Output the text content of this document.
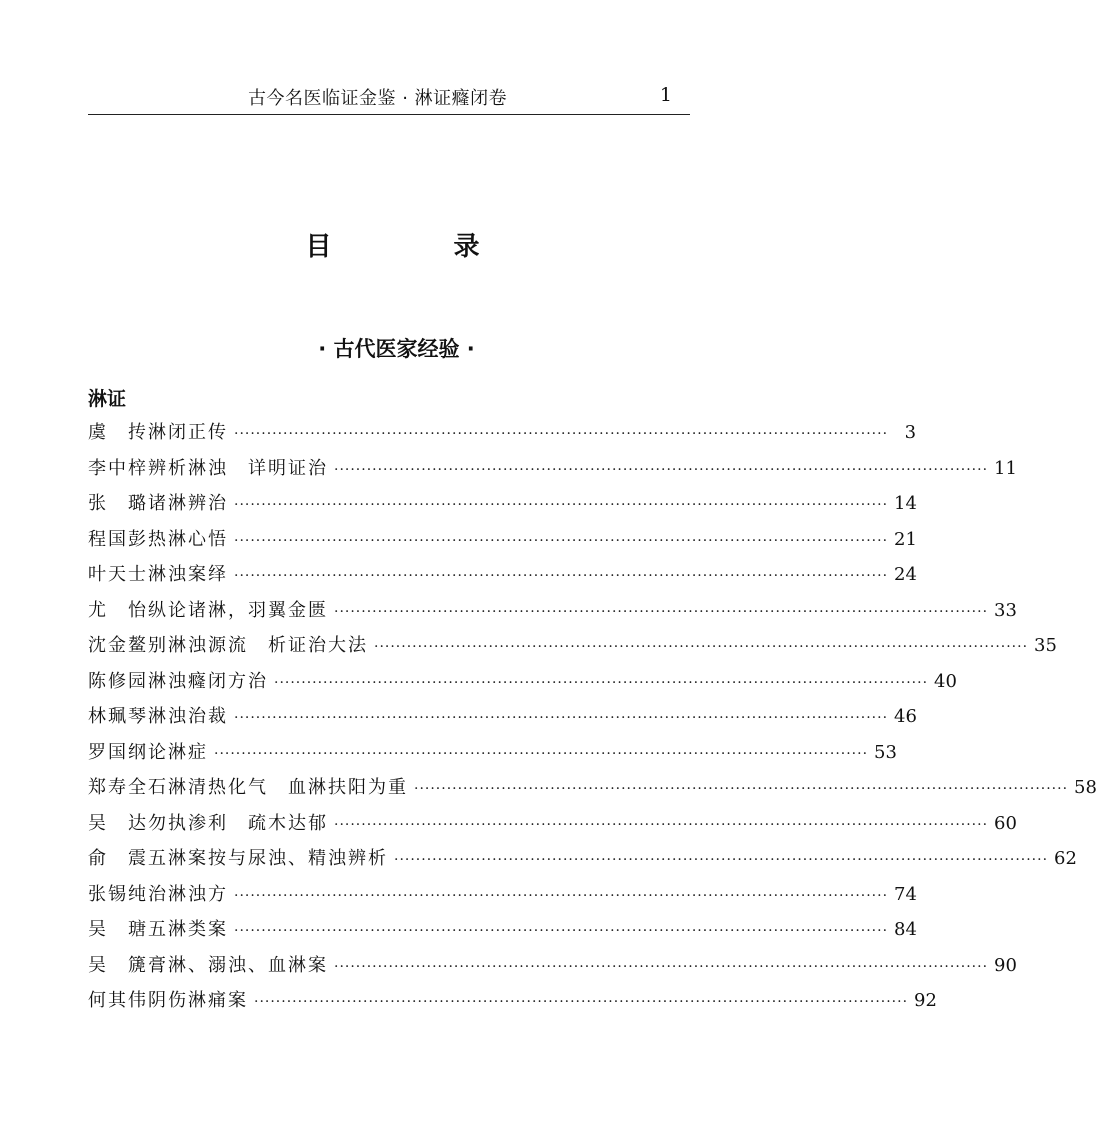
古今名医临证金鉴 · 淋证癃闭卷	1
目　录
· 古代医家经验 ·
淋证
虞　抟 淋闭正传 ························································································································ 3
李中梓 辨析淋浊　详明证治 ························································································································ 11
张　璐 诸淋辨治 ························································································································ 14
程国彭 热淋心悟 ························································································································ 21
叶天士 淋浊案绎 ························································································································ 24
尤　怡 纵论诸淋，羽翼金匮 ························································································································ 33
沈金鳌 别淋浊源流　析证治大法 ························································································································ 35
陈修园 淋浊癃闭方治 ························································································································ 40
林珮琴 淋浊治裁 ························································································································ 46
罗国纲 论淋症 ························································································································ 53
郑寿全 石淋清热化气　血淋扶阳为重 ························································································································ 58
吴　达 勿执渗利　疏木达郁 ························································································································ 60
俞　震 五淋案按与尿浊、精浊辨析 ························································································································ 62
张锡纯 治淋浊方 ························································································································ 74
吴　瑭 五淋类案 ························································································································ 84
吴　篪 膏淋、溺浊、血淋案 ························································································································ 90
何其伟 阴伤淋痛案 ························································································································ 92
